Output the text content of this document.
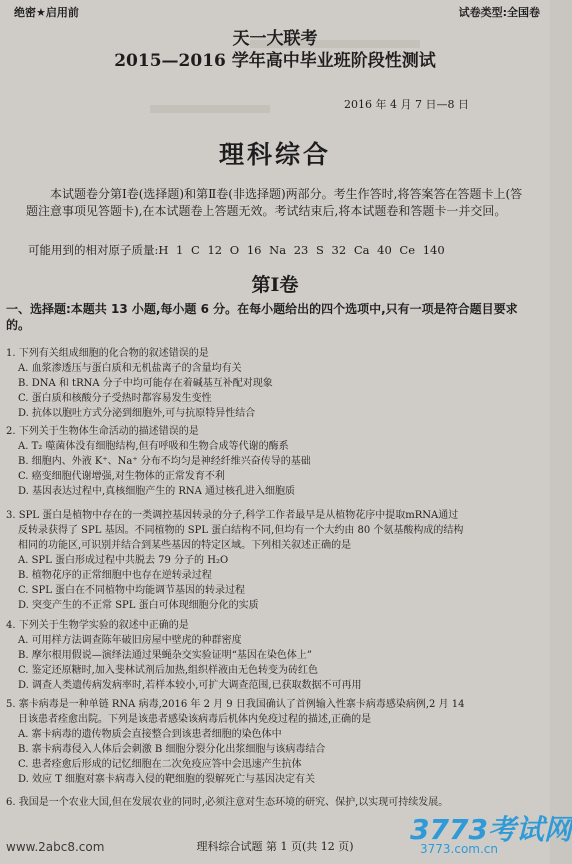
绝密★启用前	试卷类型:全国卷
天一大联考
2015—2016 学年高中毕业班阶段性测试
2016 年 4 月 7 日—8 日
理科综合
本试题卷分第Ⅰ卷(选择题)和第Ⅱ卷(非选择题)两部分。考生作答时,将答案答在答题卡上(答题注意事项见答题卡),在本试题卷上答题无效。考试结束后,将本试题卷和答题卡一并交回。
可能用到的相对原子质量:H 1 C 12 O 16 Na 23 S 32 Ca 40 Ce 140
第Ⅰ卷
一、选择题:本题共 13 小题,每小题 6 分。在每小题给出的四个选项中,只有一项是符合题目要求的。
1. 下列有关组成细胞的化合物的叙述错误的是
A. 血浆渗透压与蛋白质和无机盐离子的含量均有关
B. DNA 和 tRNA 分子中均可能存在着碱基互补配对现象
C. 蛋白质和核酸分子受热时都容易发生变性
D. 抗体以胞吐方式分泌到细胞外,可与抗原特异性结合
2. 下列关于生物体生命活动的描述错误的是
A. T₂ 噬菌体没有细胞结构,但有呼吸和生物合成等代谢的酶系
B. 细胞内、外液 K⁺、Na⁺ 分布不均匀是神经纤维兴奋传导的基础
C. 癌变细胞代谢增强,对生物体的正常发育不利
D. 基因表达过程中,真核细胞产生的 RNA 通过核孔进入细胞质
3. SPL 蛋白是植物中存在的一类调控基因转录的分子,科学工作者最早是从植物花序中提取mRNA通过
反转录获得了 SPL 基因。不同植物的 SPL 蛋白结构不同,但均有一个大约由 80 个氨基酸构成的结构
相同的功能区,可识别并结合到某些基因的特定区域。下列相关叙述正确的是
A. SPL 蛋白形成过程中共脱去 79 分子的 H₂O
B. 植物花序的正常细胞中也存在逆转录过程
C. SPL 蛋白在不同植物中均能调节基因的转录过程
D. 突变产生的不正常 SPL 蛋白可体现细胞分化的实质
4. 下列关于生物学实验的叙述中正确的是
A. 可用样方法调查陈年破旧房屋中壁虎的种群密度
B. 摩尔根用假说—演绎法通过果蝇杂交实验证明“基因在染色体上”
C. 鉴定还原糖时,加入斐林试剂后加热,组织样液由无色转变为砖红色
D. 调查人类遗传病发病率时,若样本较小,可扩大调查范围,已获取数据不可再用
5. 寨卡病毒是一种单链 RNA 病毒,2016 年 2 月 9 日我国确认了首例输入性寨卡病毒感染病例,2 月 14
日该患者痊愈出院。下列是该患者感染该病毒后机体内免疫过程的描述,正确的是
A. 寨卡病毒的遗传物质会直接整合到该患者细胞的染色体中
B. 寨卡病毒侵入人体后会刺激 B 细胞分裂分化出浆细胞与该病毒结合
C. 患者痊愈后形成的记忆细胞在二次免疫应答中会迅速产生抗体
D. 效应 T 细胞对寨卡病毒入侵的靶细胞的裂解死亡与基因决定有关
6. 我国是一个农业大国,但在发展农业的同时,必须注意对生态环境的研究、保护,以实现可持续发展。
理科综合试题 第 1 页(共 12 页)
www.2abc8.com
3773考试网
3773.com.cn
